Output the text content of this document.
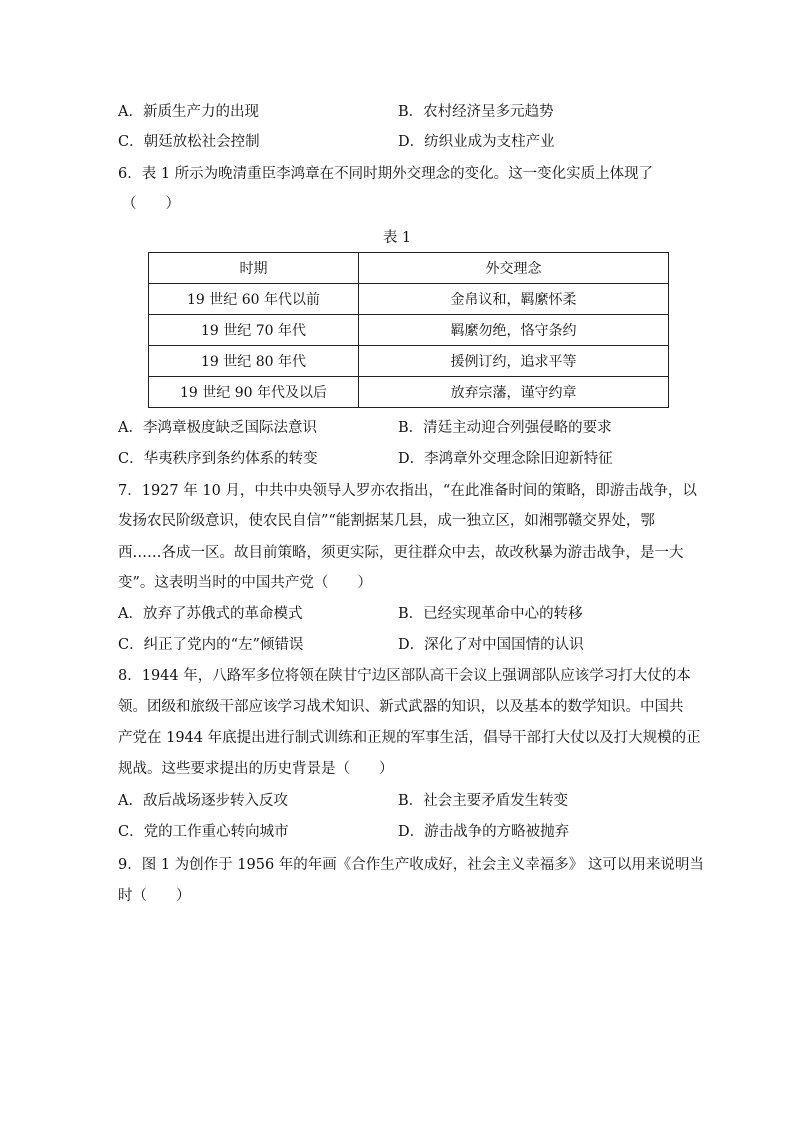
A．新质生产力的出现	B．农村经济呈多元趋势
C．朝廷放松社会控制	D．纺织业成为支柱产业
6．表 1 所示为晚清重臣李鸿章在不同时期外交理念的变化。这一变化实质上体现了
（　　）
表 1
时期	外交理念
19 世纪 60 年代以前	金帛议和，羁縻怀柔
19 世纪 70 年代	羁縻勿绝，恪守条约
19 世纪 80 年代	援例订约，追求平等
19 世纪 90 年代及以后	放弃宗藩，谨守约章
A．李鸿章极度缺乏国际法意识	B．清廷主动迎合列强侵略的要求
C．华夷秩序到条约体系的转变	D．李鸿章外交理念除旧迎新特征
7．1927 年 10 月，中共中央领导人罗亦农指出，“在此准备时间的策略，即游击战争，以
发扬农民阶级意识，使农民自信”“能割据某几县，成一独立区，如湘鄂赣交界处，鄂
西……各成一区。故目前策略，须更实际，更往群众中去，故改秋暴为游击战争，是一大
变”。这表明当时的中国共产党（　　）
A．放弃了苏俄式的革命模式	B．已经实现革命中心的转移
C．纠正了党内的“左”倾错误	D．深化了对中国国情的认识
8．1944 年，八路军多位将领在陕甘宁边区部队高干会议上强调部队应该学习打大仗的本
领。团级和旅级干部应该学习战术知识、新式武器的知识，以及基本的数学知识。中国共
产党在 1944 年底提出进行制式训练和正规的军事生活，倡导干部打大仗以及打大规模的正
规战。这些要求提出的历史背景是（　　）
A．敌后战场逐步转入反攻	B．社会主要矛盾发生转变
C．党的工作重心转向城市	D．游击战争的方略被抛弃
9．图 1 为创作于 1956 年的年画《合作生产收成好，社会主义幸福多》 这可以用来说明当
时（　　）
